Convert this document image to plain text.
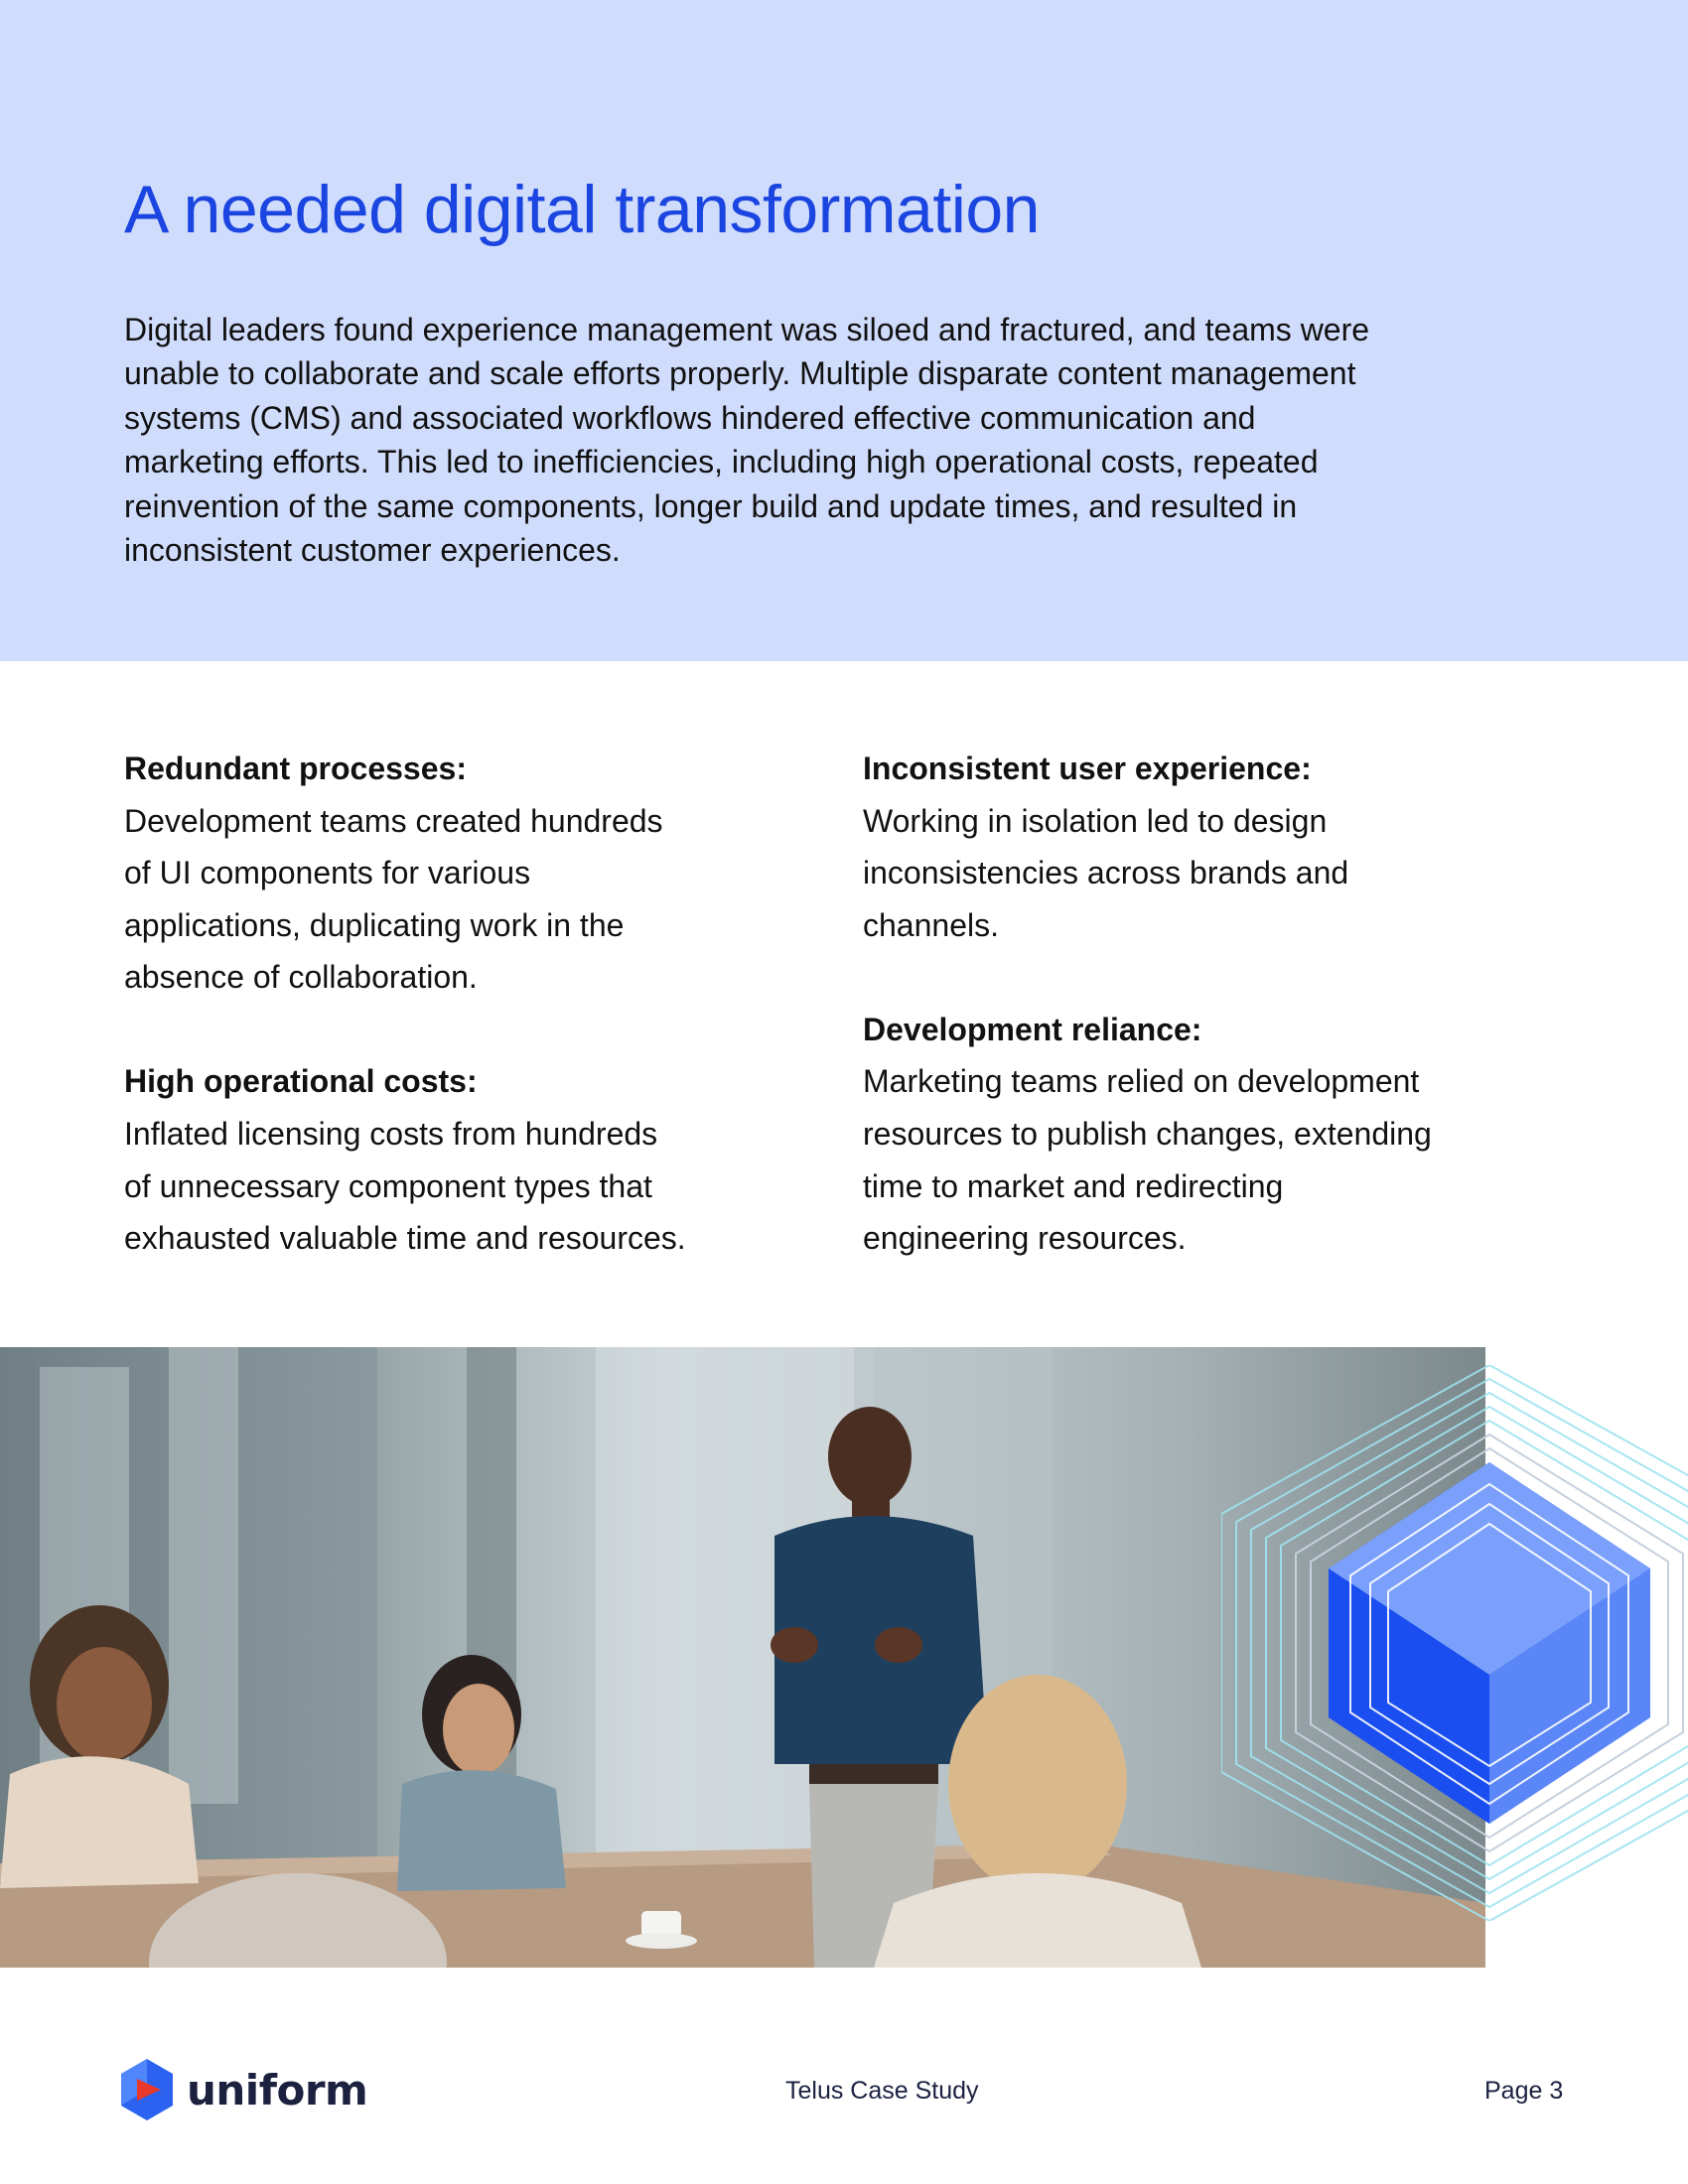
A needed digital transformation

Digital leaders found experience management was siloed and fractured, and teams were
unable to collaborate and scale efforts properly. Multiple disparate content management
systems (CMS) and associated workflows hindered effective communication and
marketing efforts. This led to inefficiencies, including high operational costs, repeated
reinvention of the same components, longer build and update times, and resulted in
inconsistent customer experiences.

Redundant processes:
Development teams created hundreds
of UI components for various
applications, duplicating work in the
absence of collaboration.
High operational costs:
Inflated licensing costs from hundreds
of unnecessary component types that
exhausted valuable time and resources.
Inconsistent user experience:
Working in isolation led to design
inconsistencies across brands and
channels.
Development reliance:
Marketing teams relied on development
resources to publish changes, extending
time to market and redirecting
engineering resources.
uniform	Telus Case Study	Page 3
